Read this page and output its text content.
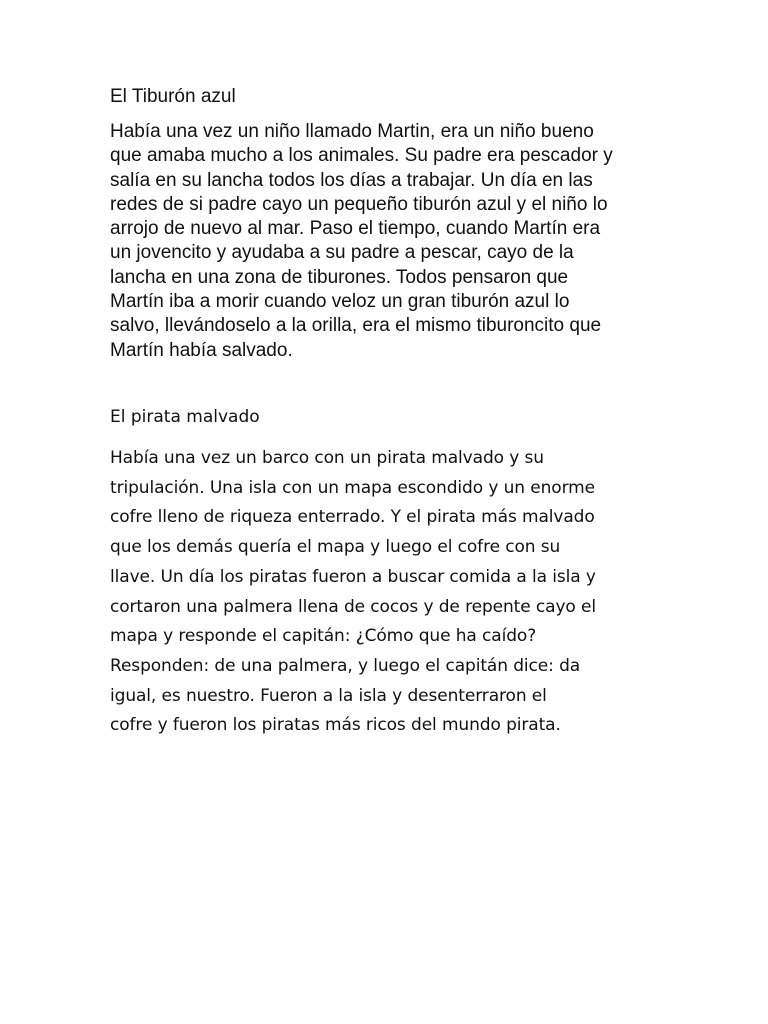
El Tiburón azul

Había una vez un niño llamado Martin, era un niño bueno
que amaba mucho a los animales. Su padre era pescador y
salía en su lancha todos los días a trabajar. Un día en las
redes de si padre cayo un pequeño tiburón azul y el niño lo
arrojo de nuevo al mar. Paso el tiempo, cuando Martín era
un jovencito y ayudaba a su padre a pescar, cayo de la
lancha en una zona de tiburones. Todos pensaron que
Martín iba a morir cuando veloz un gran tiburón azul lo
salvo, llevándoselo a la orilla, era el mismo tiburoncito que
Martín había salvado.

El pirata malvado

Había una vez un barco con un pirata malvado y su
tripulación. Una isla con un mapa escondido y un enorme
cofre lleno de riqueza enterrado. Y el pirata más malvado
que los demás quería el mapa y luego el cofre con su
llave. Un día los piratas fueron a buscar comida a la isla y
cortaron una palmera llena de cocos y de repente cayo el
mapa y responde el capitán: ¿Cómo que ha caído?
Responden: de una palmera, y luego el capitán dice: da
igual, es nuestro. Fueron a la isla y desenterraron el
cofre y fueron los piratas más ricos del mundo pirata.
